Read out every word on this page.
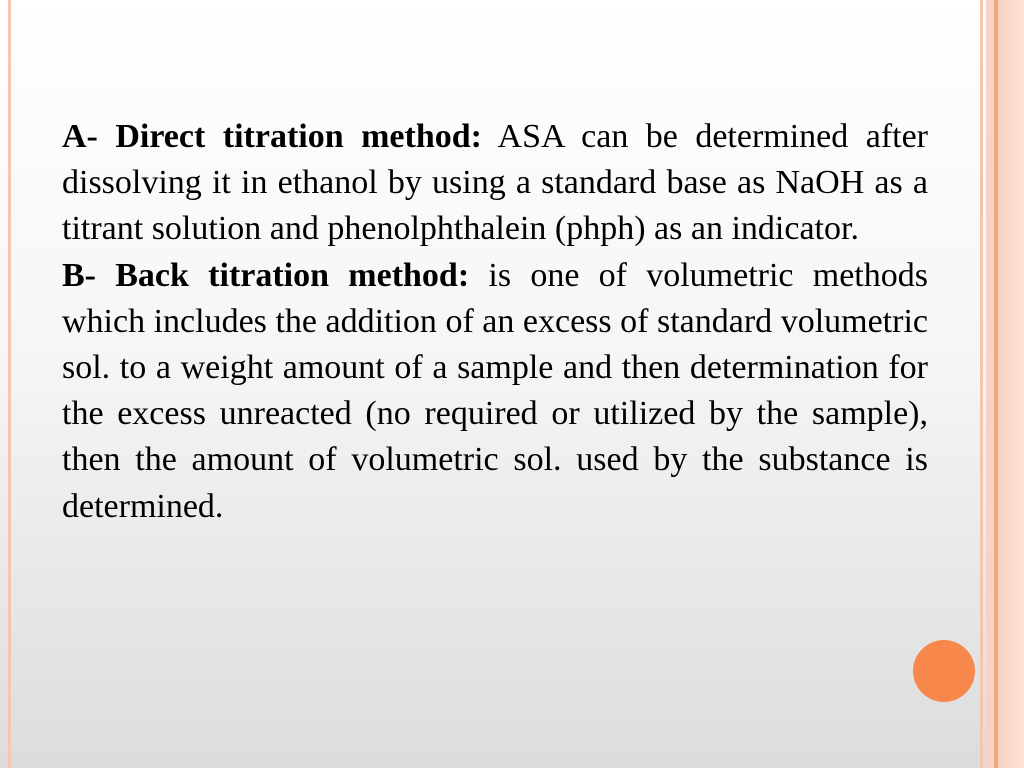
A- Direct titration method: ASA can be determined after dissolving it in ethanol by using a standard base as NaOH as a titrant solution and phenolphthalein (phph) as an indicator.

B- Back titration method: is one of volumetric methods which includes the addition of an excess of standard volumetric sol. to a weight amount of a sample and then determination for the excess unreacted (no required or utilized by the sample), then the amount of volumetric sol. used by the substance is determined.
